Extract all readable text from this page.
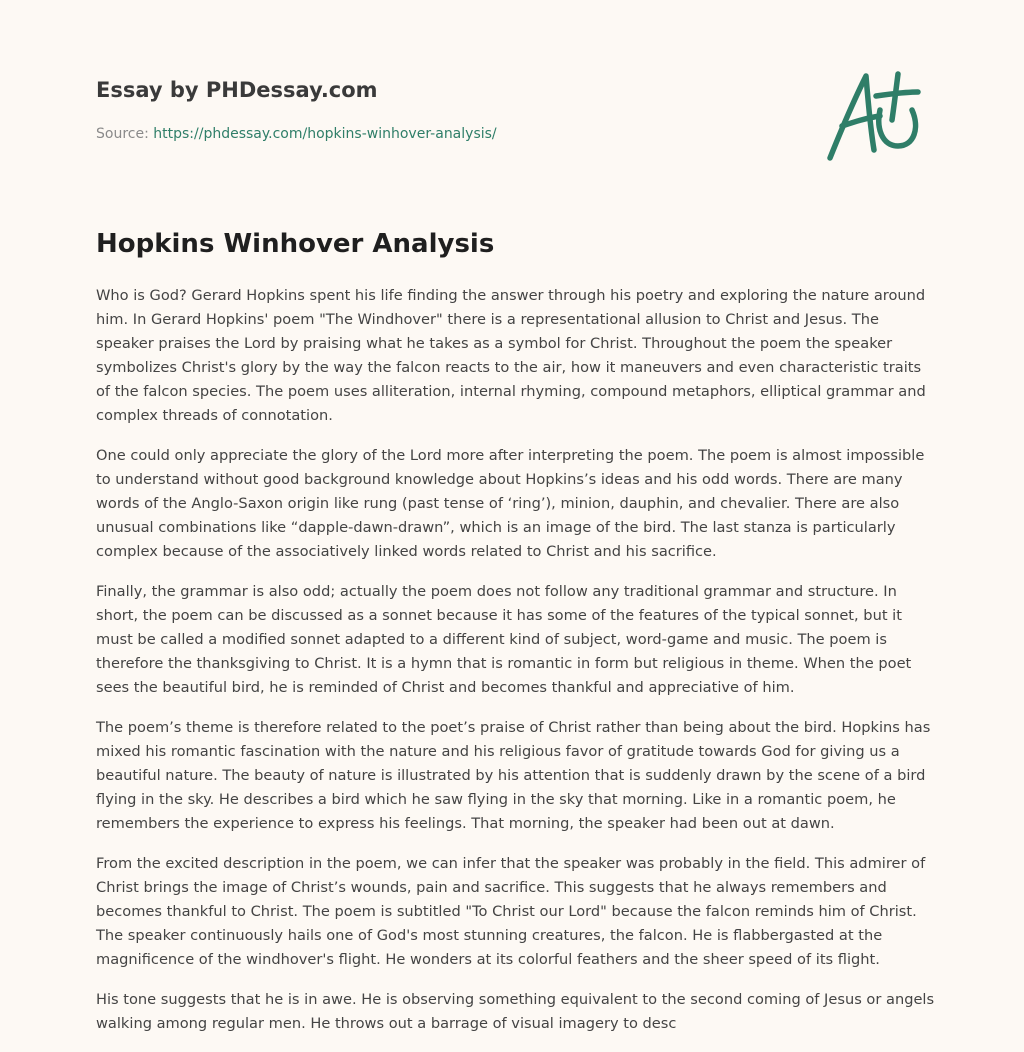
Essay by PHDessay.com
Source: https://phdessay.com/hopkins-winhover-analysis/
Hopkins Winhover Analysis

Who is God? Gerard Hopkins spent his life finding the answer through his poetry and exploring the nature around him. In Gerard Hopkins' poem "The Windhover" there is a representational allusion to Christ and Jesus. The speaker praises the Lord by praising what he takes as a symbol for Christ. Throughout the poem the speaker symbolizes Christ's glory by the way the falcon reacts to the air, how it maneuvers and even characteristic traits of the falcon species. The poem uses alliteration, internal rhyming, compound metaphors, elliptical grammar and complex threads of connotation.

One could only appreciate the glory of the Lord more after interpreting the poem. The poem is almost impossible to understand without good background knowledge about Hopkins’s ideas and his odd words. There are many words of the Anglo-Saxon origin like rung (past tense of ‘ring’), minion, dauphin, and chevalier. There are also unusual combinations like “dapple-dawn-drawn”, which is an image of the bird. The last stanza is particularly complex because of the associatively linked words related to Christ and his sacrifice.

Finally, the grammar is also odd; actually the poem does not follow any traditional grammar and structure. In short, the poem can be discussed as a sonnet because it has some of the features of the typical sonnet, but it must be called a modified sonnet adapted to a different kind of subject, word-game and music. The poem is therefore the thanksgiving to Christ. It is a hymn that is romantic in form but religious in theme. When the poet sees the beautiful bird, he is reminded of Christ and becomes thankful and appreciative of him.

The poem’s theme is therefore related to the poet’s praise of Christ rather than being about the bird. Hopkins has mixed his romantic fascination with the nature and his religious favor of gratitude towards God for giving us a beautiful nature. The beauty of nature is illustrated by his attention that is suddenly drawn by the scene of a bird flying in the sky. He describes a bird which he saw flying in the sky that morning. Like in a romantic poem, he remembers the experience to express his feelings. That morning, the speaker had been out at dawn.

From the excited description in the poem, we can infer that the speaker was probably in the field. This admirer of Christ brings the image of Christ’s wounds, pain and sacrifice. This suggests that he always remembers and becomes thankful to Christ. The poem is subtitled "To Christ our Lord" because the falcon reminds him of Christ. The speaker continuously hails one of God's most stunning creatures, the falcon. He is flabbergasted at the magnificence of the windhover's flight. He wonders at its colorful feathers and the sheer speed of its flight.

His tone suggests that he is in awe. He is observing something equivalent to the second coming of Jesus or angels walking among regular men. He throws out a barrage of visual imagery to desc
